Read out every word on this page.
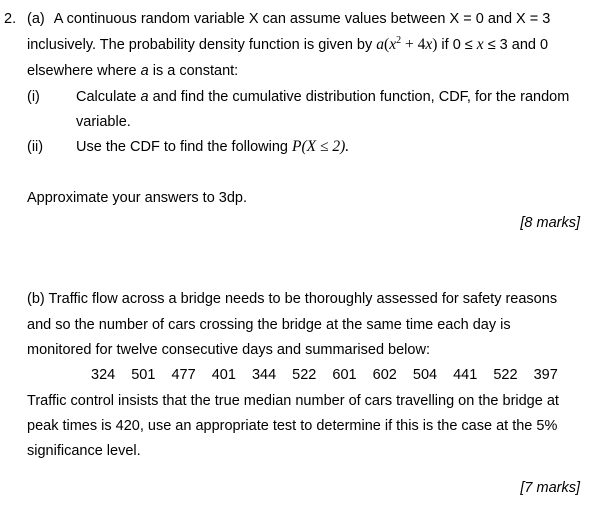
2. (a) A continuous random variable X can assume values between X = 0 and X = 3
inclusively. The probability density function is given by $a(x^2 + 4x)$ if 0 ≤ x ≤ 3 and 0
elsewhere where a is a constant:
(i) Calculate a and find the cumulative distribution function, CDF, for the random
variable.
(ii) Use the CDF to find the following P(X ≤ 2).
Approximate your answers to 3dp.
[8 marks]
(b) Traffic flow across a bridge needs to be thoroughly assessed for safety reasons
and so the number of cars crossing the bridge at the same time each day is
monitored for twelve consecutive days and summarised below:
324 501 477 401 344 522 601 602 504 441 522 397
Traffic control insists that the true median number of cars travelling on the bridge at
peak times is 420, use an appropriate test to determine if this is the case at the 5%
significance level.
[7 marks]
